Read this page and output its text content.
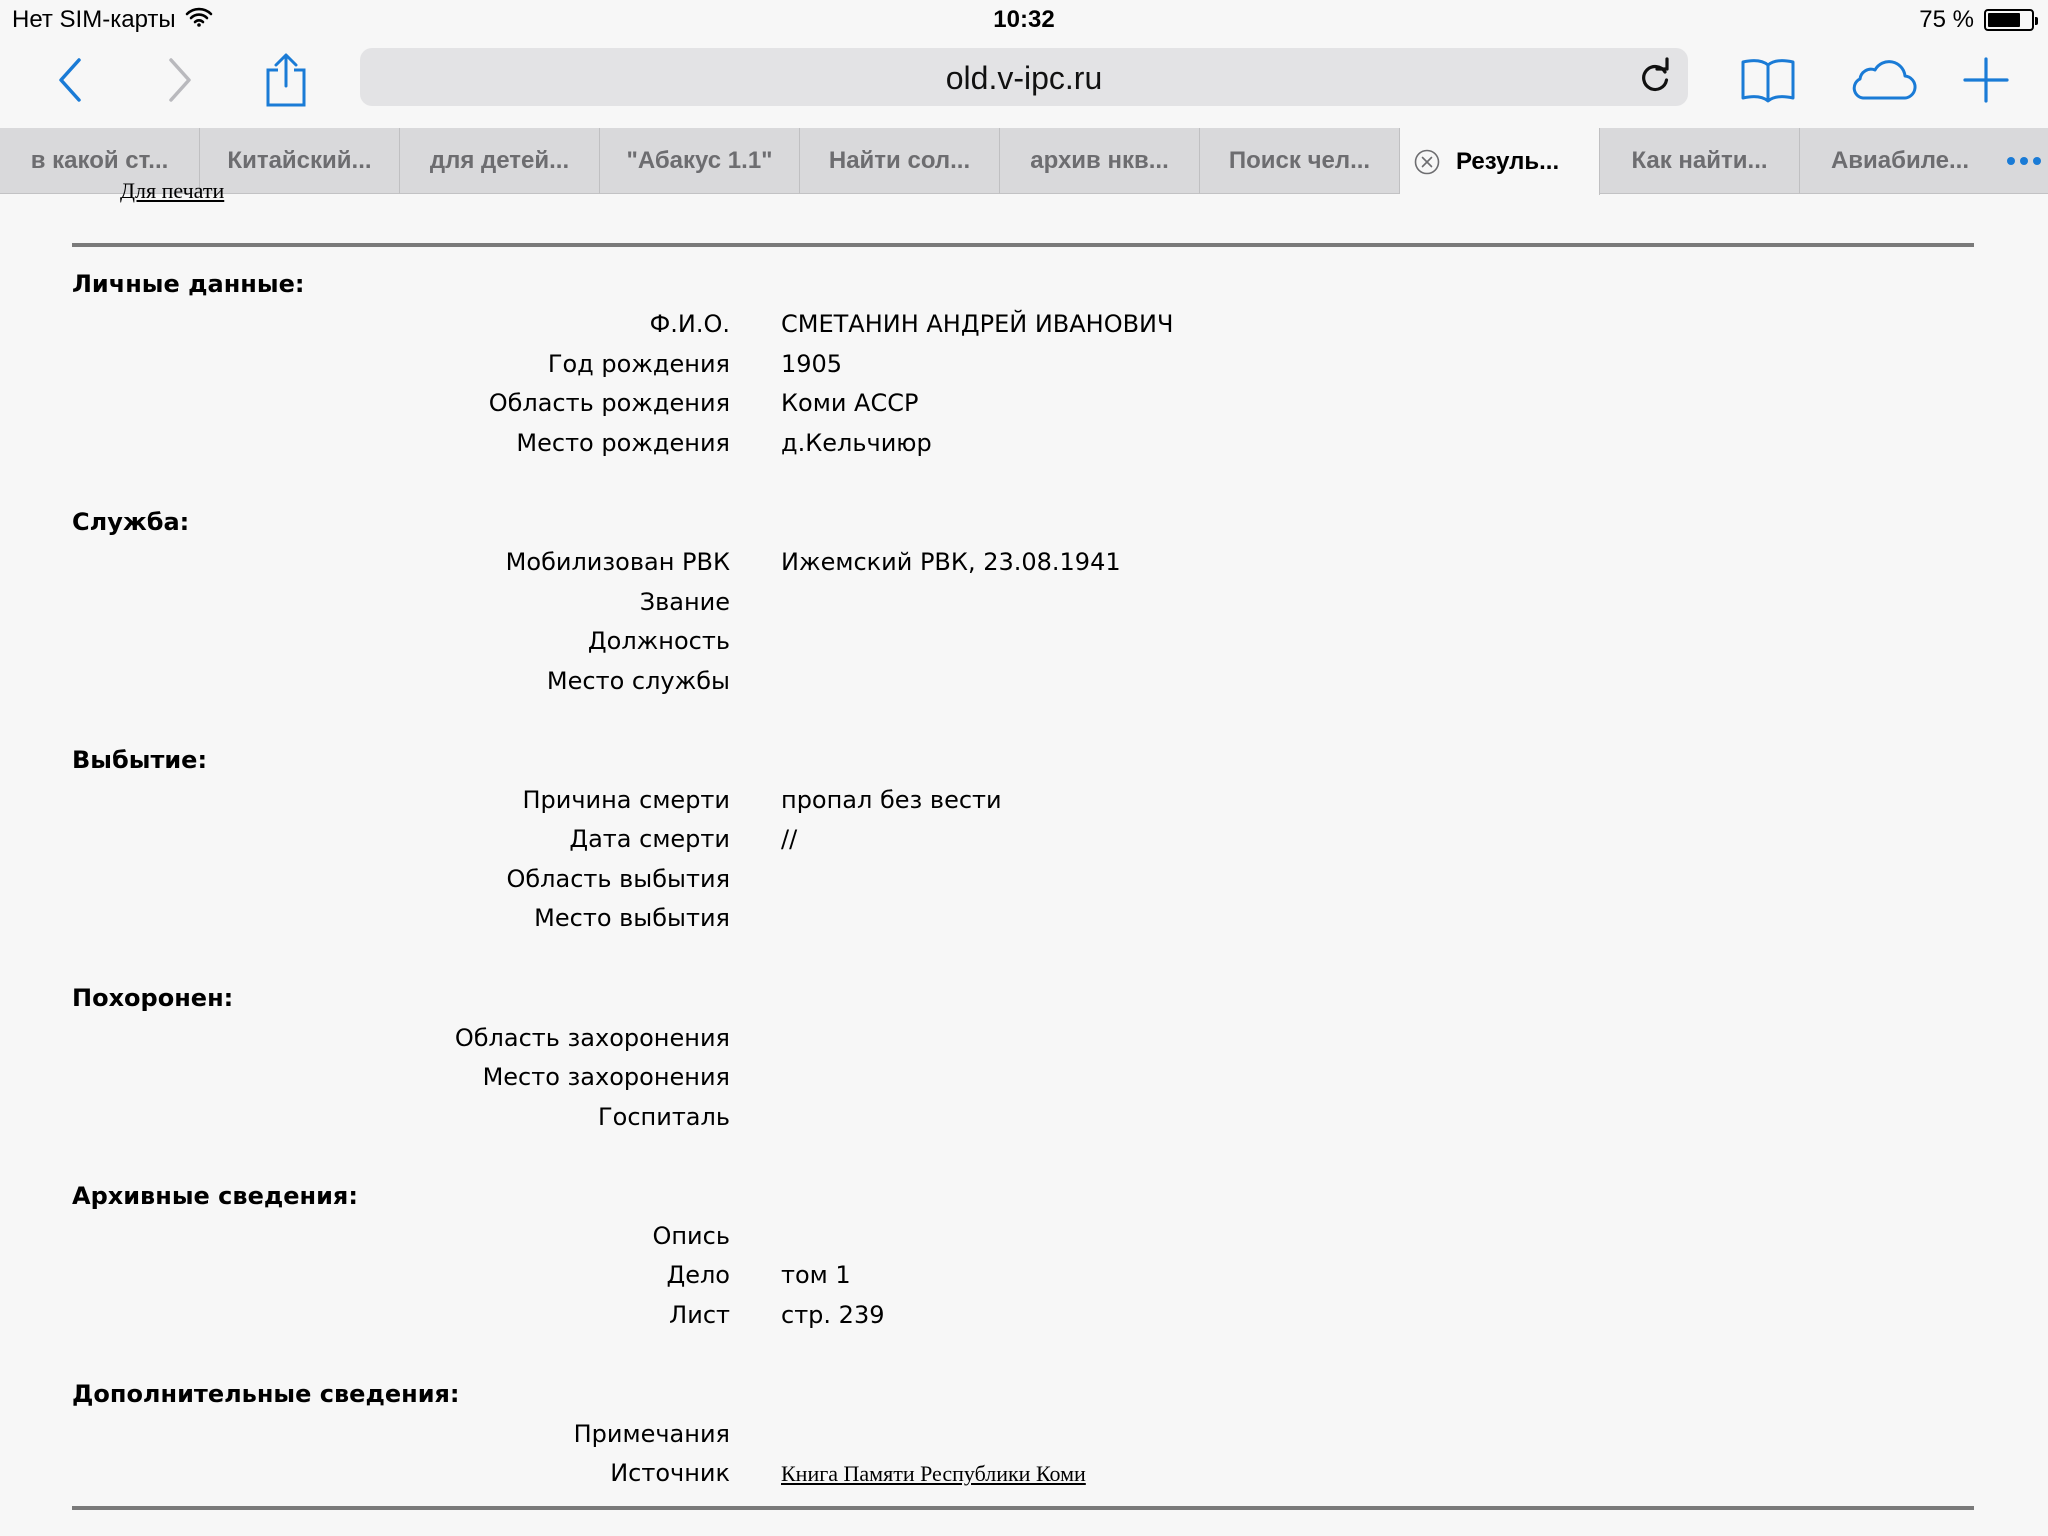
Нет SIM-карты	10:32	75 %
old.v-ipc.ru
в какой ст... Китайский... для детей... "Абакус 1.1" Найти сол...	архив нкв...	Поиск чел...	Резуль...	Как найти...	Авиабиле...
Для печати
Личные данные:
Ф.И.О. СМЕТАНИН АНДРЕЙ ИВАНОВИЧ
Год рождения 1905
Область рождения Коми АССР
Место рождения д.Кельчиюр
Служба:
Мобилизован РВК Ижемский РВК, 23.08.1941
Звание
Должность
Место службы
Выбытие:
Причина смерти пропал без вести
Дата смерти //
Область выбытия
Место выбытия
Похоронен:
Область захоронения
Место захоронения
Госпиталь
Архивные сведения:
Опись
Дело том 1
Лист стр. 239
Дополнительные сведения:
Примечания
Источник Книга Памяти Республики Коми
